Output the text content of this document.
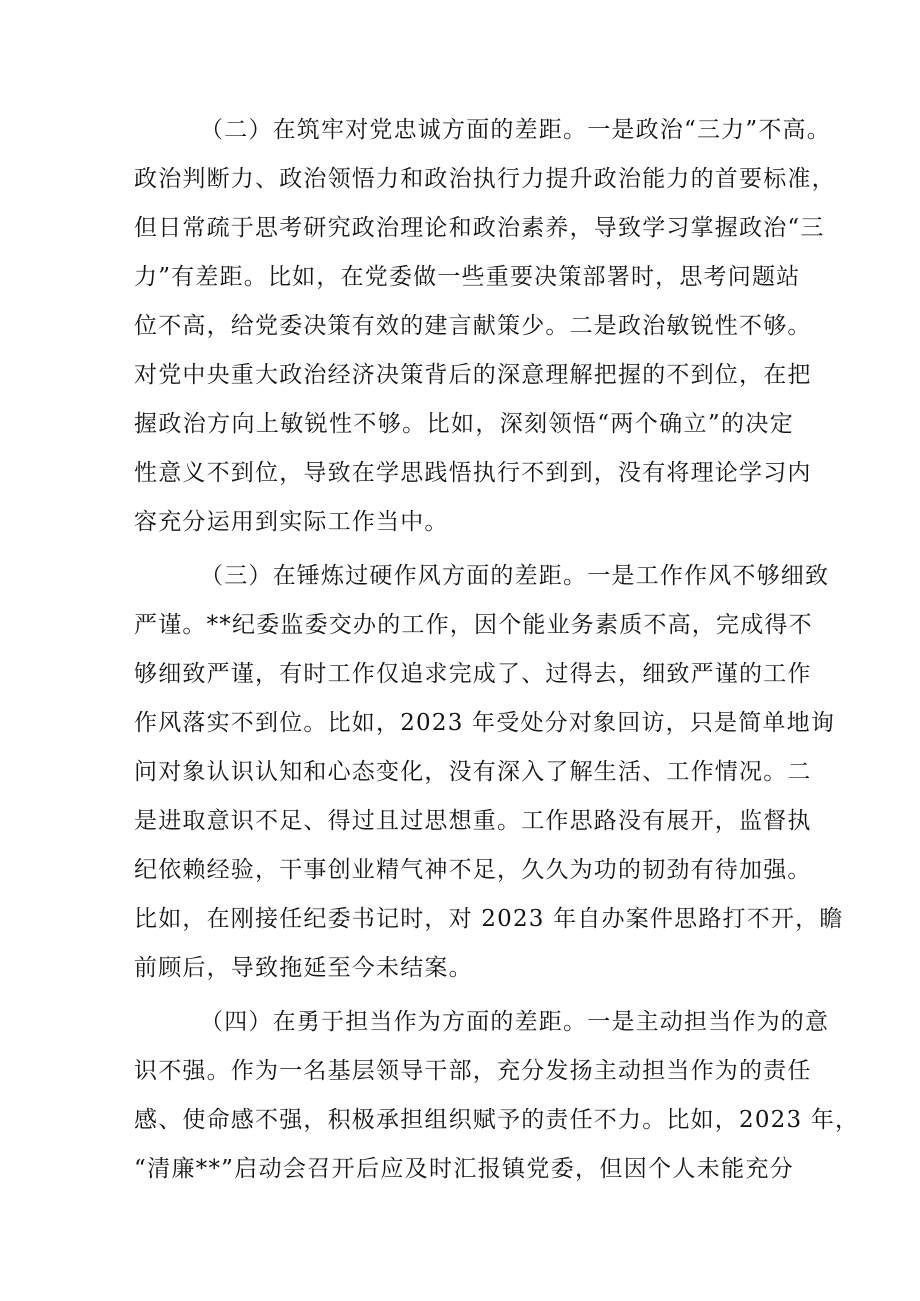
（二）在筑牢对党忠诚方面的差距。一是政治“三力”不高。
政治判断力、政治领悟力和政治执行力提升政治能力的首要标准，
但日常疏于思考研究政治理论和政治素养，导致学习掌握政治“三
力”有差距。比如，在党委做一些重要决策部署时，思考问题站
位不高，给党委决策有效的建言献策少。二是政治敏锐性不够。
对党中央重大政治经济决策背后的深意理解把握的不到位，在把
握政治方向上敏锐性不够。比如，深刻领悟“两个确立”的决定
性意义不到位，导致在学思践悟执行不到到，没有将理论学习内
容充分运用到实际工作当中。
（三）在锤炼过硬作风方面的差距。一是工作作风不够细致
严谨。**纪委监委交办的工作，因个能业务素质不高，完成得不
够细致严谨，有时工作仅追求完成了、过得去，细致严谨的工作
作风落实不到位。比如，2023 年受处分对象回访，只是简单地询
问对象认识认知和心态变化，没有深入了解生活、工作情况。二
是进取意识不足、得过且过思想重。工作思路没有展开，监督执
纪依赖经验，干事创业精气神不足，久久为功的韧劲有待加强。
比如，在刚接任纪委书记时，对 2023 年自办案件思路打不开，瞻
前顾后，导致拖延至今未结案。
（四）在勇于担当作为方面的差距。一是主动担当作为的意
识不强。作为一名基层领导干部，充分发扬主动担当作为的责任
感、使命感不强，积极承担组织赋予的责任不力。比如，2023 年，
“清廉**”启动会召开后应及时汇报镇党委，但因个人未能充分
